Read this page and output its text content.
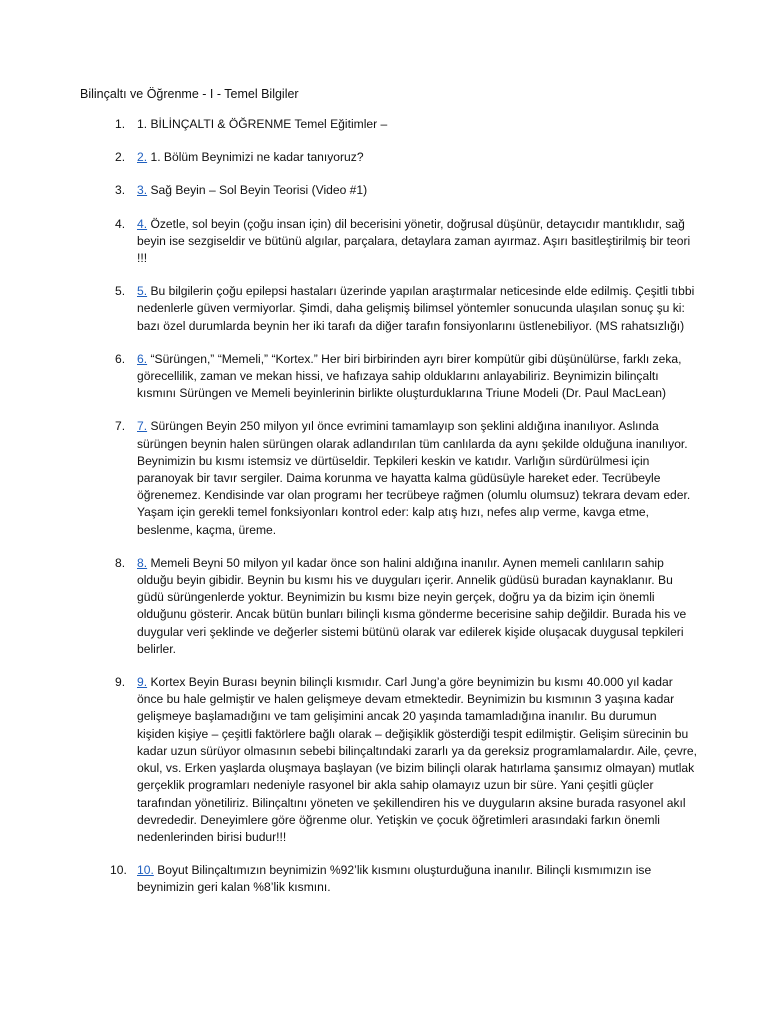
Bilinçaltı ve Öğrenme - I - Temel Bilgiler
1. 1. BİLİNÇALTI & ÖĞRENME Temel Eğitimler –
2. 2. 1. Bölüm Beynimizi ne kadar tanıyoruz?
3. 3. Sağ Beyin – Sol Beyin Teorisi (Video #1)
4. 4. Özetle, sol beyin (çoğu insan için) dil becerisini yönetir, doğrusal düşünür, detaycıdır mantıklıdır, sağ beyin ise sezgiseldir ve bütünü algılar, parçalara, detaylara zaman ayırmaz. Aşırı basitleştirilmiş bir teori !!!
5. 5. Bu bilgilerin çoğu epilepsi hastaları üzerinde yapılan araştırmalar neticesinde elde edilmiş. Çeşitli tıbbi nedenlerle güven vermiyorlar. Şimdi, daha gelişmiş bilimsel yöntemler sonucunda ulaşılan sonuç şu ki: bazı özel durumlarda beynin her iki tarafı da diğer tarafın fonsiyonlarını üstlenebiliyor. (MS rahatsızlığı)
6. 6. “Sürüngen,” “Memeli,” “Kortex.” Her biri birbirinden ayrı birer kompütür gibi düşünülürse, farklı zeka, görecellilik, zaman ve mekan hissi, ve hafızaya sahip olduklarını anlayabiliriz. Beynimizin bilinçaltı kısmını Sürüngen ve Memeli beyinlerinin birlikte oluşturduklarına Triune Modeli (Dr. Paul MacLean)
7. 7. Sürüngen Beyin 250 milyon yıl önce evrimini tamamlayıp son şeklini aldığına inanılıyor. Aslında sürüngen beynin halen sürüngen olarak adlandırılan tüm canlılarda da aynı şekilde olduğuna inanılıyor. Beynimizin bu kısmı istemsiz ve dürtüseldir. Tepkileri keskin ve katıdır. Varlığın sürdürülmesi için paranoyak bir tavır sergiler. Daima korunma ve hayatta kalma güdüsüyle hareket eder. Tecrübeyle öğrenemez. Kendisinde var olan programı her tecrübeye rağmen (olumlu olumsuz) tekrara devam eder. Yaşam için gerekli temel fonksiyonları kontrol eder: kalp atış hızı, nefes alıp verme, kavga etme, beslenme, kaçma, üreme.
8. 8. Memeli Beyni 50 milyon yıl kadar önce son halini aldığına inanılır. Aynen memeli canlıların sahip olduğu beyin gibidir. Beynin bu kısmı his ve duyguları içerir. Annelik güdüsü buradan kaynaklanır. Bu güdü sürüngenlerde yoktur. Beynimizin bu kısmı bize neyin gerçek, doğru ya da bizim için önemli olduğunu gösterir. Ancak bütün bunları bilinçli kısma gönderme becerisine sahip değildir. Burada his ve duygular veri şeklinde ve değerler sistemi bütünü olarak var edilerek kişide oluşacak duygusal tepkileri belirler.
9. 9. Kortex Beyin Burası beynin bilinçli kısmıdır. Carl Jung’a göre beynimizin bu kısmı 40.000 yıl kadar önce bu hale gelmiştir ve halen gelişmeye devam etmektedir. Beynimizin bu kısmının 3 yaşına kadar gelişmeye başlamadığını ve tam gelişimini ancak 20 yaşında tamamladığına inanılır. Bu durumun kişiden kişiye – çeşitli faktörlere bağlı olarak – değişiklik gösterdiği tespit edilmiştir. Gelişim sürecinin bu kadar uzun sürüyor olmasının sebebi bilinçaltındaki zararlı ya da gereksiz programlamalardır. Aile, çevre, okul, vs. Erken yaşlarda oluşmaya başlayan (ve bizim bilinçli olarak hatırlama şansımız olmayan) mutlak gerçeklik programları nedeniyle rasyonel bir akla sahip olamayız uzun bir süre. Yani çeşitli güçler tarafından yönetiliriz. Bilinçaltını yöneten ve şekillendiren his ve duyguların aksine burada rasyonel akıl devrededir. Deneyimlere göre öğrenme olur. Yetişkin ve çocuk öğretimleri arasındaki farkın önemli nedenlerinden birisi budur!!!
10. 10. Boyut Bilinçaltımızın beynimizin %92’lik kısmını oluşturduğuna inanılır. Bilinçli kısmımızın ise beynimizin geri kalan %8’lik kısmını.
